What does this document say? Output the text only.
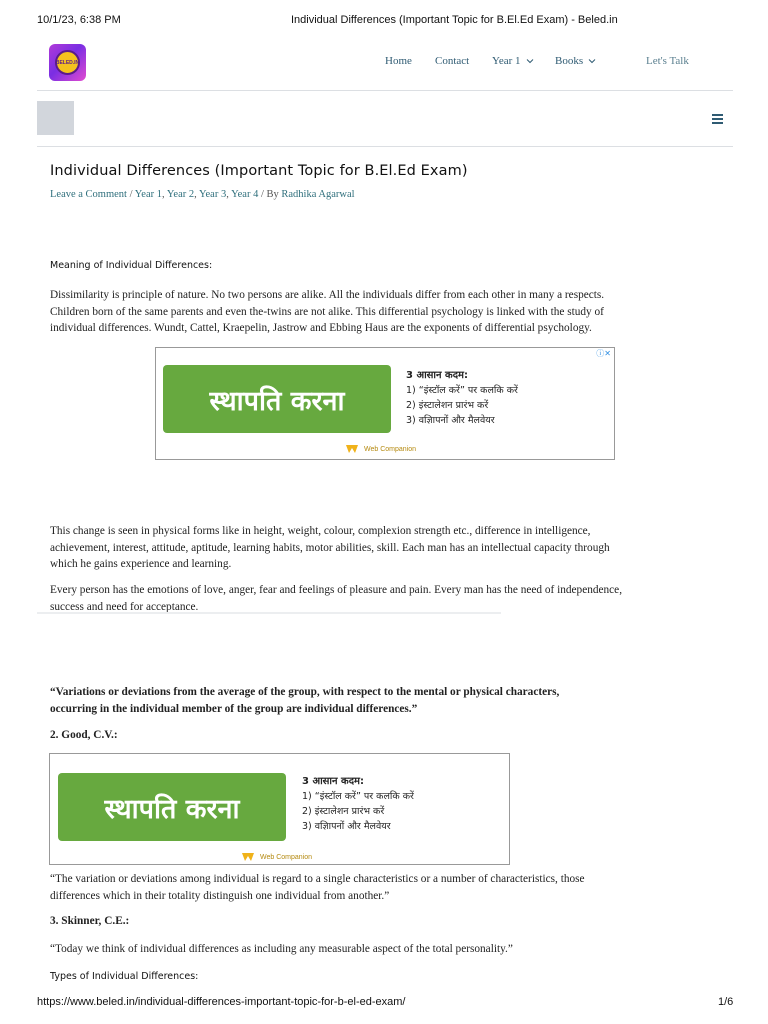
10/1/23, 6:38 PM	Individual Differences (Important Topic for B.El.Ed Exam) - Beled.in
BELED.IN	Home Contact Year 1	Books	Let's Talk
Individual Differences (Important Topic for B.El.Ed Exam)
Leave a Comment / Year 1, Year 2, Year 3, Year 4 / By Radhika Agarwal
Meaning of Individual Differences:
Dissimilarity is principle of nature. No two persons are alike. All the individuals differ from each other in many a respects.
Children born of the same parents and even the-twins are not alike. This differential psychology is linked with the study of
individual differences. Wundt, Cattel, Kraepelin, Jastrow and Ebbing Haus are the exponents of differential psychology.
ⓘ✕
स्थापति करना
3 आसान कदम:
1) “इंस्टॉल करें” पर कलकि करें
2) इंस्टालेशन प्रारंभ करें
3) वज्ञिापनों और मैलवेयर
Web Companion
This change is seen in physical forms like in height, weight, colour, complexion strength etc., difference in intelligence,
achievement, interest, attitude, aptitude, learning habits, motor abilities, skill. Each man has an intellectual capacity through
which he gains experience and learning.
Every person has the emotions of love, anger, fear and feelings of pleasure and pain. Every man has the need of independence,
success and need for acceptance.
“Variations or deviations from the average of the group, with respect to the mental or physical characters,
occurring in the individual member of the group are individual differences.”
2. Good, C.V.:
स्थापति करना
3 आसान कदम:
1) “इंस्टॉल करें” पर कलकि करें
2) इंस्टालेशन प्रारंभ करें
3) वज्ञिापनों और मैलवेयर
Web Companion
“The variation or deviations among individual is regard to a single characteristics or a number of characteristics, those
differences which in their totality distinguish one individual from another.”
3. Skinner, C.E.:
“Today we think of individual differences as including any measurable aspect of the total personality.”
Types of Individual Differences:
https://www.beled.in/individual-differences-important-topic-for-b-el-ed-exam/	1/6
